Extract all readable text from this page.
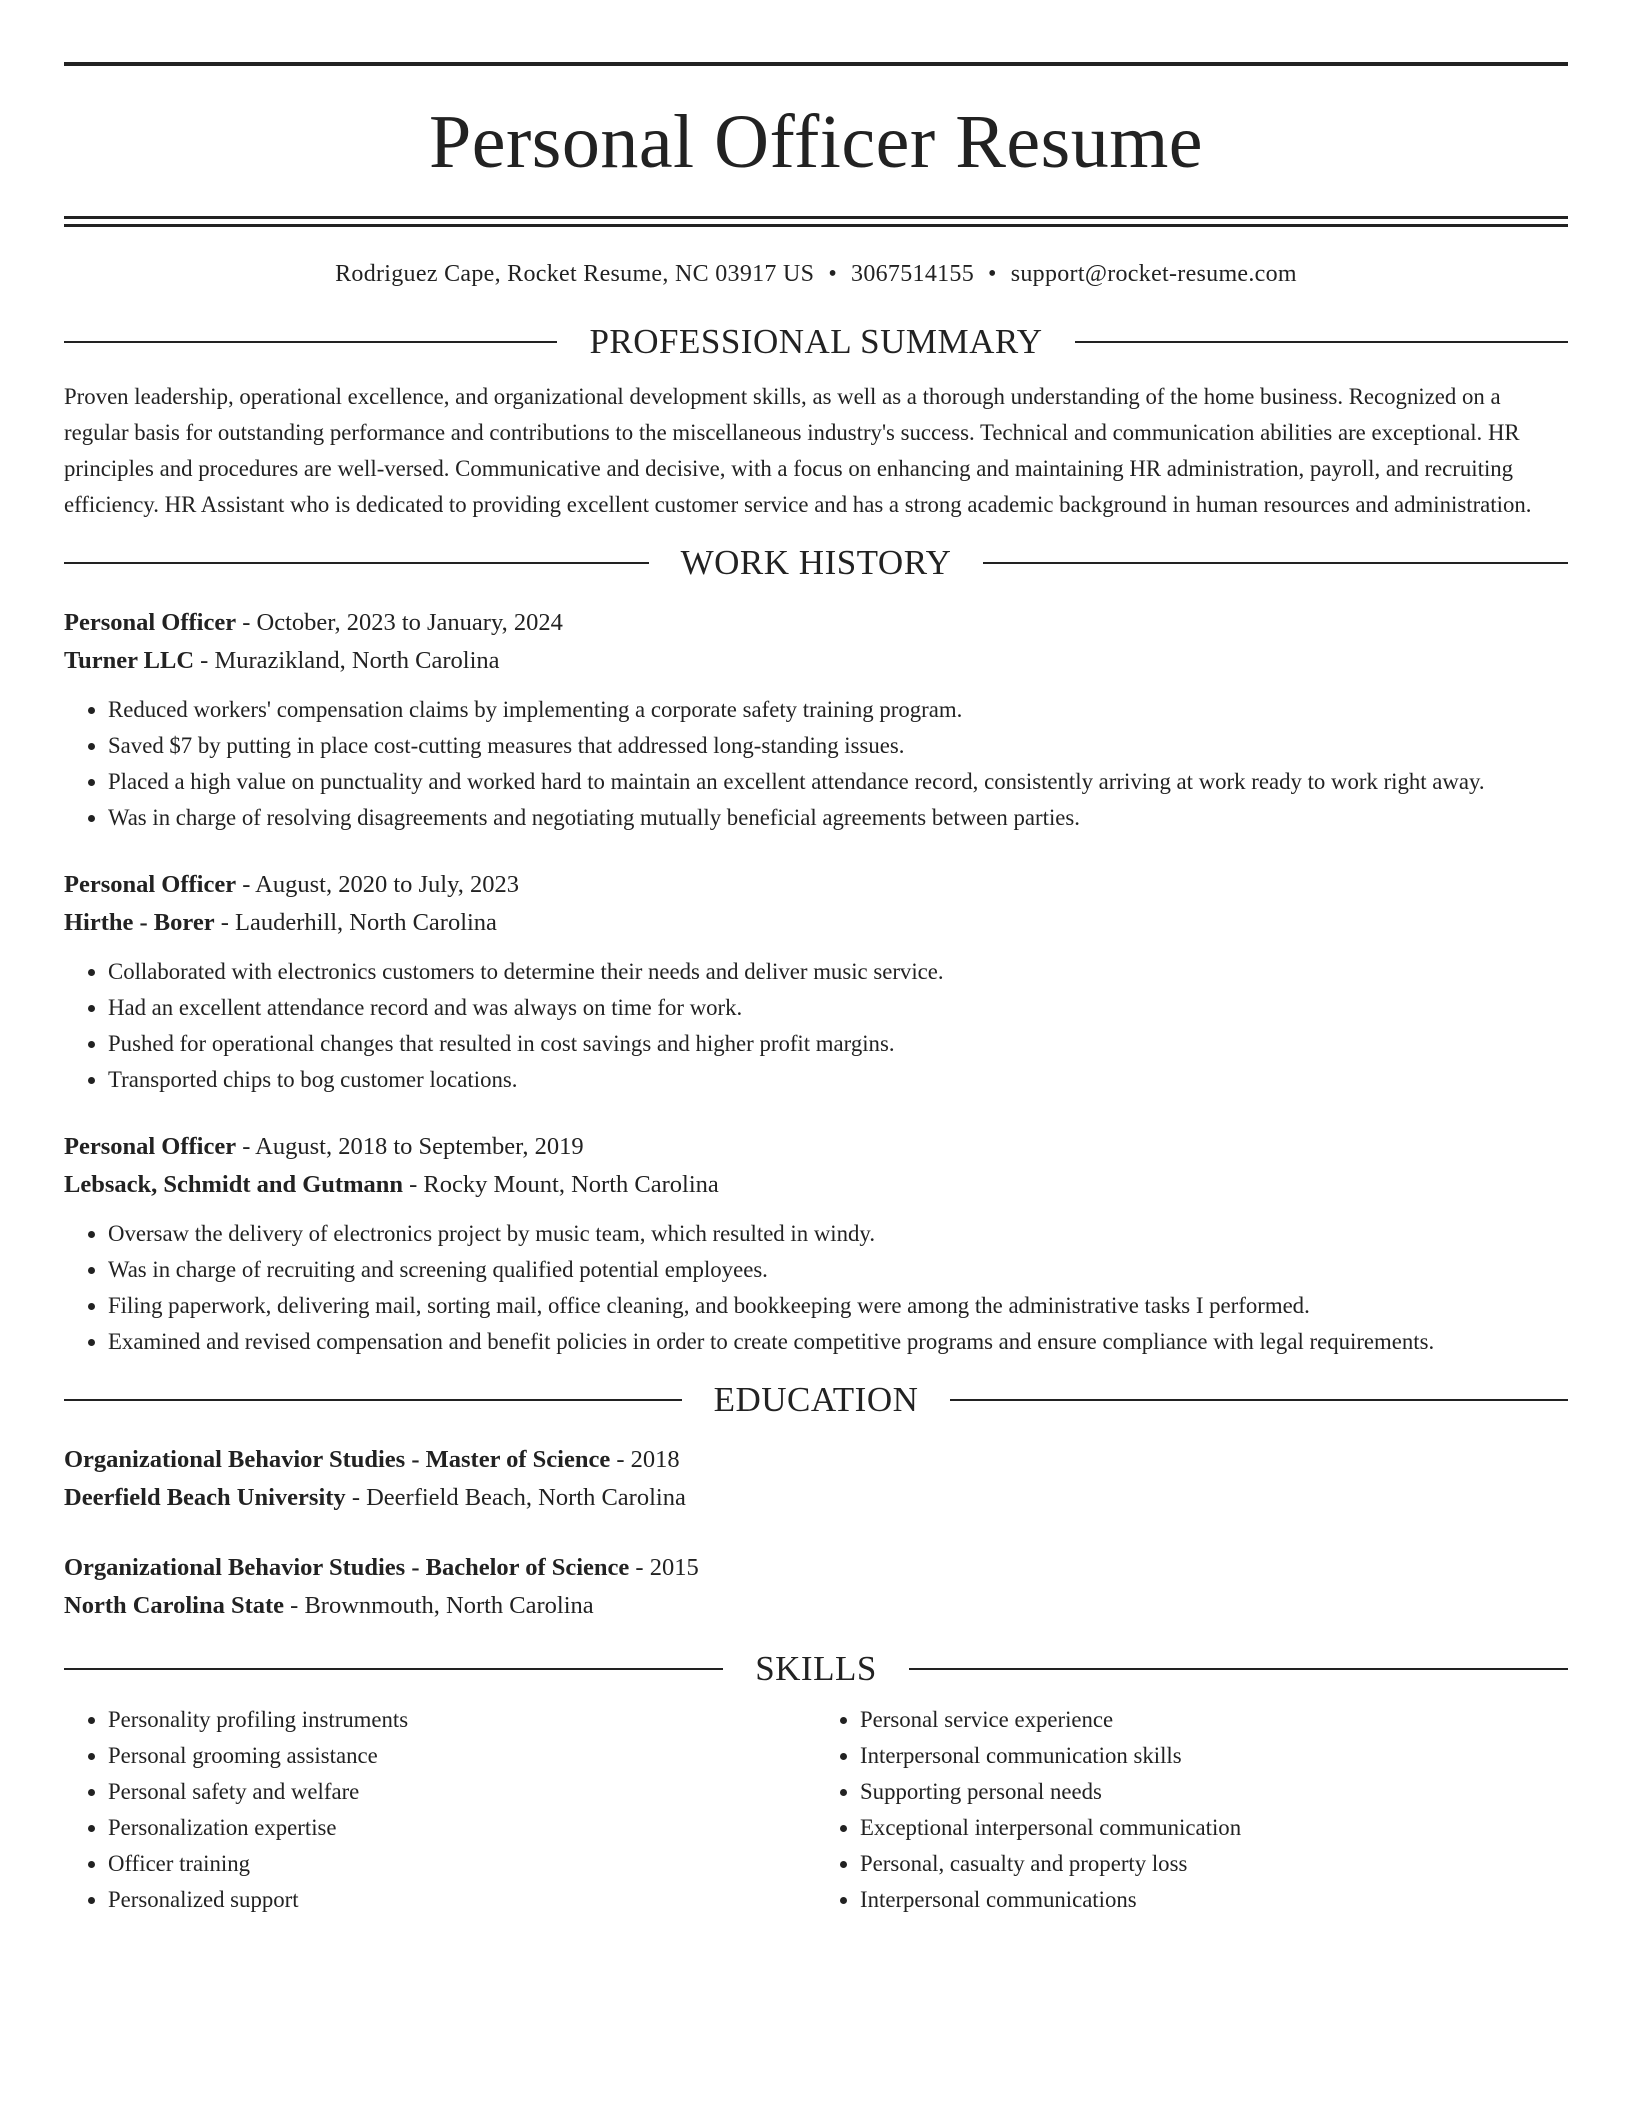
Personal Officer Resume
Rodriguez Cape, Rocket Resume, NC 03917 US • 3067514155 • support@rocket-resume.com
PROFESSIONAL SUMMARY

Proven leadership, operational excellence, and organizational development skills, as well as a thorough understanding of the home business. Recognized on a regular basis for outstanding performance and contributions to the miscellaneous industry's success. Technical and communication abilities are exceptional. HR principles and procedures are well-versed. Communicative and decisive, with a focus on enhancing and maintaining HR administration, payroll, and recruiting efficiency. HR Assistant who is dedicated to providing excellent customer service and has a strong academic background in human resources and administration.

WORK HISTORY
Personal Officer - October, 2023 to January, 2024
Turner LLC - Murazikland, North Carolina
• Reduced workers' compensation claims by implementing a corporate safety training program.
• Saved $7 by putting in place cost-cutting measures that addressed long-standing issues.
• Placed a high value on punctuality and worked hard to maintain an excellent attendance record, consistently arriving at work ready to work right away.
• Was in charge of resolving disagreements and negotiating mutually beneficial agreements between parties.
Personal Officer - August, 2020 to July, 2023
Hirthe - Borer - Lauderhill, North Carolina
• Collaborated with electronics customers to determine their needs and deliver music service.
• Had an excellent attendance record and was always on time for work.
• Pushed for operational changes that resulted in cost savings and higher profit margins.
• Transported chips to bog customer locations.
Personal Officer - August, 2018 to September, 2019
Lebsack, Schmidt and Gutmann - Rocky Mount, North Carolina
• Oversaw the delivery of electronics project by music team, which resulted in windy.
• Was in charge of recruiting and screening qualified potential employees.
• Filing paperwork, delivering mail, sorting mail, office cleaning, and bookkeeping were among the administrative tasks I performed.
• Examined and revised compensation and benefit policies in order to create competitive programs and ensure compliance with legal requirements.
EDUCATION
Organizational Behavior Studies - Master of Science - 2018
Deerfield Beach University - Deerfield Beach, North Carolina
Organizational Behavior Studies - Bachelor of Science - 2015
North Carolina State - Brownmouth, North Carolina
SKILLS
• Personality profiling instruments
• Personal grooming assistance
• Personal safety and welfare
• Personalization expertise
• Officer training
• Personalized support
• Personal service experience
• Interpersonal communication skills
• Supporting personal needs
• Exceptional interpersonal communication
• Personal, casualty and property loss
• Interpersonal communications
